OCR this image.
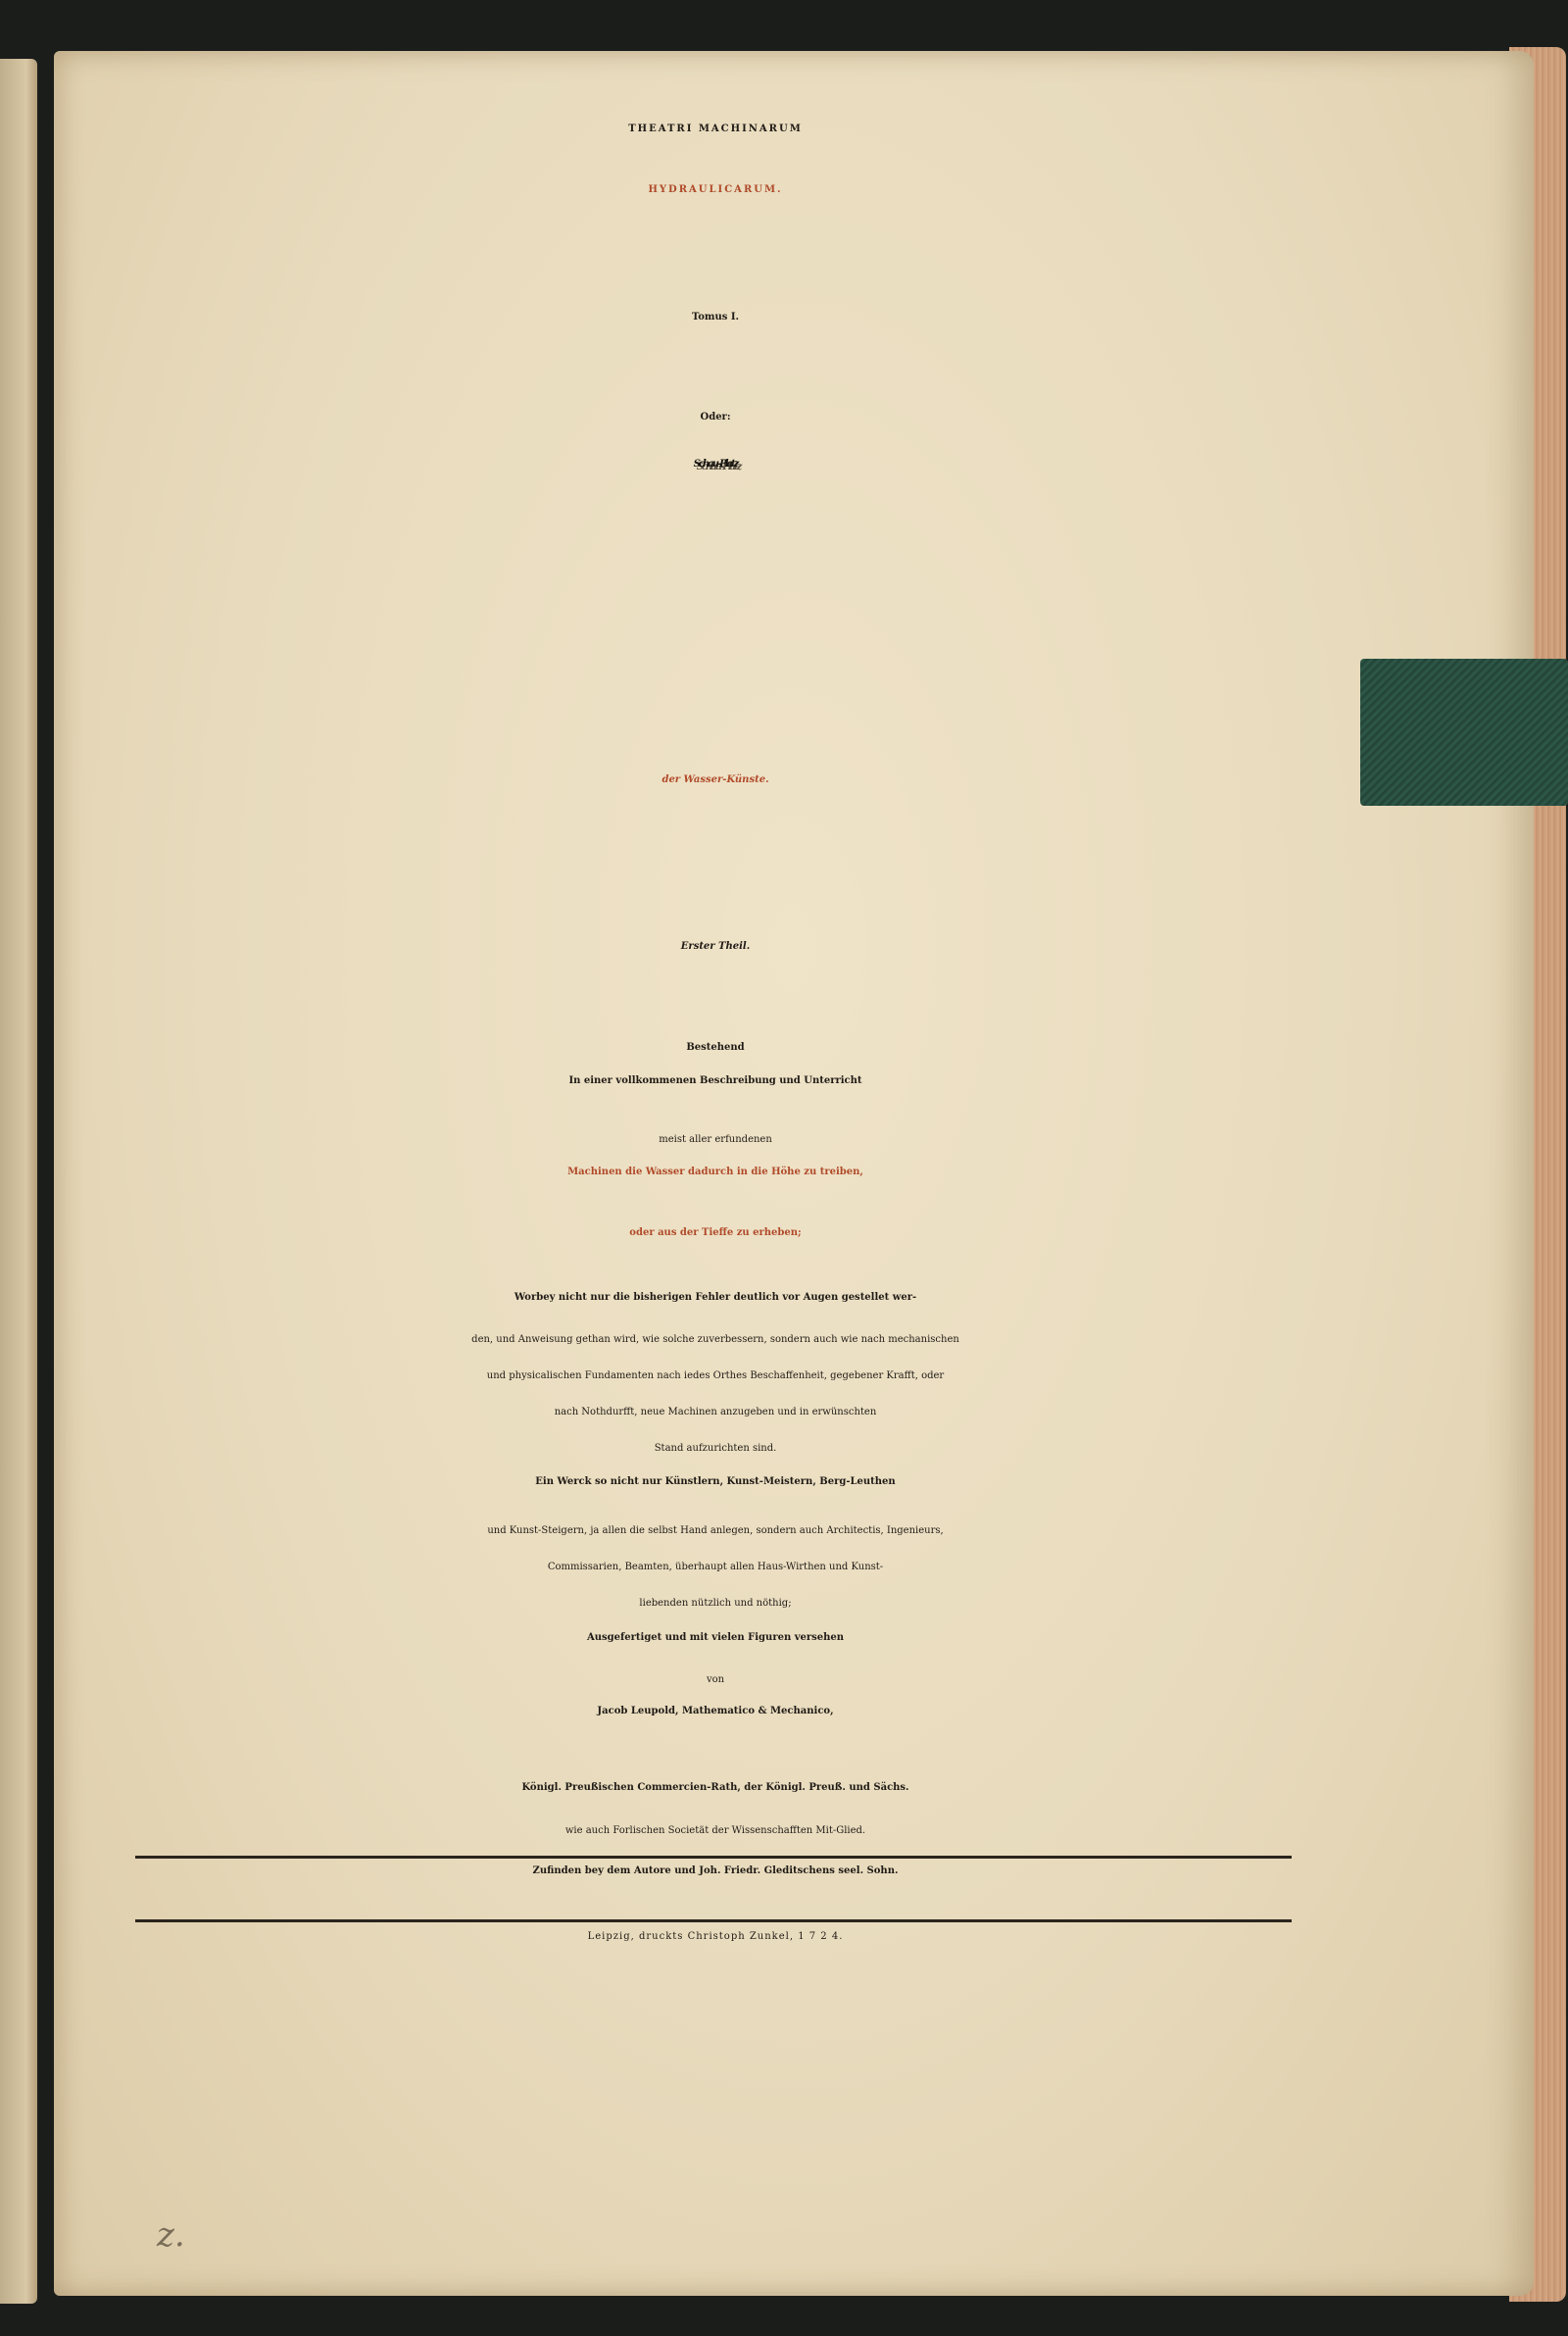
THEATRI MACHINARUM
HYDRAULICARUM.
Tomus I.
Oder:
Schau-Platz
der Wasser-Künste.
Erster Theil.
Bestehend
In einer vollkommenen Beschreibung und Unterricht
meist aller erfundenen
Machinen die Wasser dadurch in die Höhe zu treiben,
oder aus der Tieffe zu erheben;
Worbey nicht nur die bisherigen Fehler deutlich vor Augen gestellet wer-
den, und Anweisung gethan wird, wie solche zuverbessern, sondern auch wie nach mechanischen
und physicalischen Fundamenten nach iedes Orthes Beschaffenheit, gegebener Krafft, oder
nach Nothdurfft, neue Machinen anzugeben und in erwünschten
Stand aufzurichten sind.
Ein Werck so nicht nur Künstlern, Kunst-Meistern, Berg-Leuthen
und Kunst-Steigern, ja allen die selbst Hand anlegen, sondern auch Architectis, Ingenieurs,
Commissarien, Beamten, überhaupt allen Haus-Wirthen und Kunst-
liebenden nützlich und nöthig;
Ausgefertiget und mit vielen Figuren versehen
von
Jacob Leupold, Mathematico & Mechanico,
Königl. Preußischen Commercien-Rath, der Königl. Preuß. und Sächs.
wie auch Forlischen Societät der Wissenschafften Mit-Glied.
Zufinden bey dem Autore und Joh. Friedr. Gleditschens seel. Sohn.
Leipzig, druckts Christoph Zunkel, 1 7 2 4.
z.
